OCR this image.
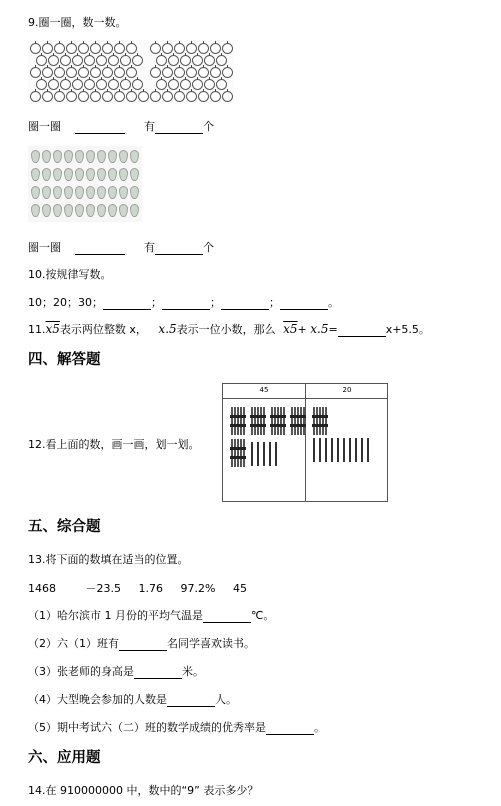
9.圈一圈，数一数。
圈一圈	有	个
圈一圈	有	个
10.按规律写数。
10；20；30；	；	；	；	。
11.x5表示两位整数 x， x.5表示一位小数，那么 x5+ x.5=	x+5.5。
四、解答题
12.看上面的数，画一画，划一划。
45	20
五、综合题
13.将下面的数填在适当的位置。
1468	－23.5 1.76 97.2% 45
（1）哈尔滨市 1 月份的平均气温是	℃。
（2）六（1）班有	名同学喜欢读书。
（3）张老师的身高是	米。
（4）大型晚会参加的人数是	人。
（5）期中考试六（二）班的数学成绩的优秀率是	。
六、应用题
14.在 910000000 中，数中的“9” 表示多少？
